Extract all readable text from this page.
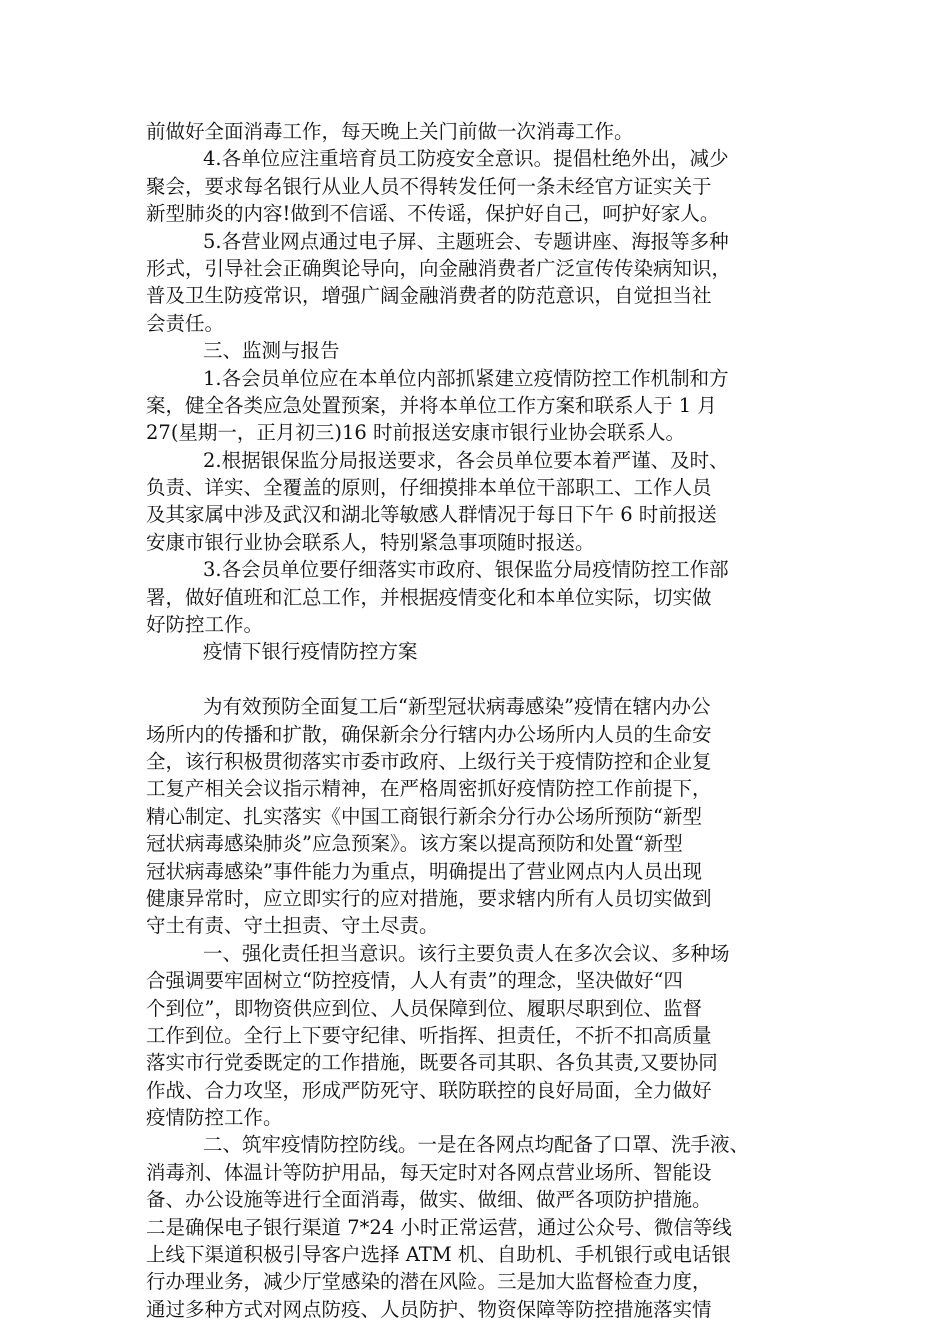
前做好全面消毒工作，每天晚上关门前做一次消毒工作。
4.各单位应注重培育员工防疫安全意识。提倡杜绝外出，减少
聚会，要求每名银行从业人员不得转发任何一条未经官方证实关于
新型肺炎的内容!做到不信谣、不传谣，保护好自己，呵护好家人。
5.各营业网点通过电子屏、主题班会、专题讲座、海报等多种
形式，引导社会正确舆论导向，向金融消费者广泛宣传传染病知识，
普及卫生防疫常识，增强广阔金融消费者的防范意识，自觉担当社
会责任。
三、监测与报告
1.各会员单位应在本单位内部抓紧建立疫情防控工作机制和方
案，健全各类应急处置预案，并将本单位工作方案和联系人于 1 月
27(星期一，正月初三)16 时前报送安康市银行业协会联系人。
2.根据银保监分局报送要求，各会员单位要本着严谨、及时、
负责、详实、全覆盖的原则，仔细摸排本单位干部职工、工作人员
及其家属中涉及武汉和湖北等敏感人群情况于每日下午 6 时前报送
安康市银行业协会联系人，特别紧急事项随时报送。
3.各会员单位要仔细落实市政府、银保监分局疫情防控工作部
署，做好值班和汇总工作，并根据疫情变化和本单位实际，切实做
好防控工作。
疫情下银行疫情防控方案
为有效预防全面复工后“新型冠状病毒感染”疫情在辖内办公
场所内的传播和扩散，确保新余分行辖内办公场所内人员的生命安
全，该行积极贯彻落实市委市政府、上级行关于疫情防控和企业复
工复产相关会议指示精神，在严格周密抓好疫情防控工作前提下，
精心制定、扎实落实《中国工商银行新余分行办公场所预防“新型
冠状病毒感染肺炎”应急预案》。该方案以提高预防和处置“新型
冠状病毒感染”事件能力为重点，明确提出了营业网点内人员出现
健康异常时，应立即实行的应对措施，要求辖内所有人员切实做到
守土有责、守土担责、守土尽责。
一、强化责任担当意识。该行主要负责人在多次会议、多种场
合强调要牢固树立“防控疫情，人人有责”的理念，坚决做好“四
个到位”，即物资供应到位、人员保障到位、履职尽职到位、监督
工作到位。全行上下要守纪律、听指挥、担责任，不折不扣高质量
落实市行党委既定的工作措施，既要各司其职、各负其责,又要协同
作战、合力攻坚，形成严防死守、联防联控的良好局面，全力做好
疫情防控工作。
二、筑牢疫情防控防线。一是在各网点均配备了口罩、洗手液、
消毒剂、体温计等防护用品，每天定时对各网点营业场所、智能设
备、办公设施等进行全面消毒，做实、做细、做严各项防护措施。
二是确保电子银行渠道 7*24 小时正常运营，通过公众号、微信等线
上线下渠道积极引导客户选择 ATM 机、自助机、手机银行或电话银
行办理业务，减少厅堂感染的潜在风险。三是加大监督检查力度，
通过多种方式对网点防疫、人员防护、物资保障等防控措施落实情
